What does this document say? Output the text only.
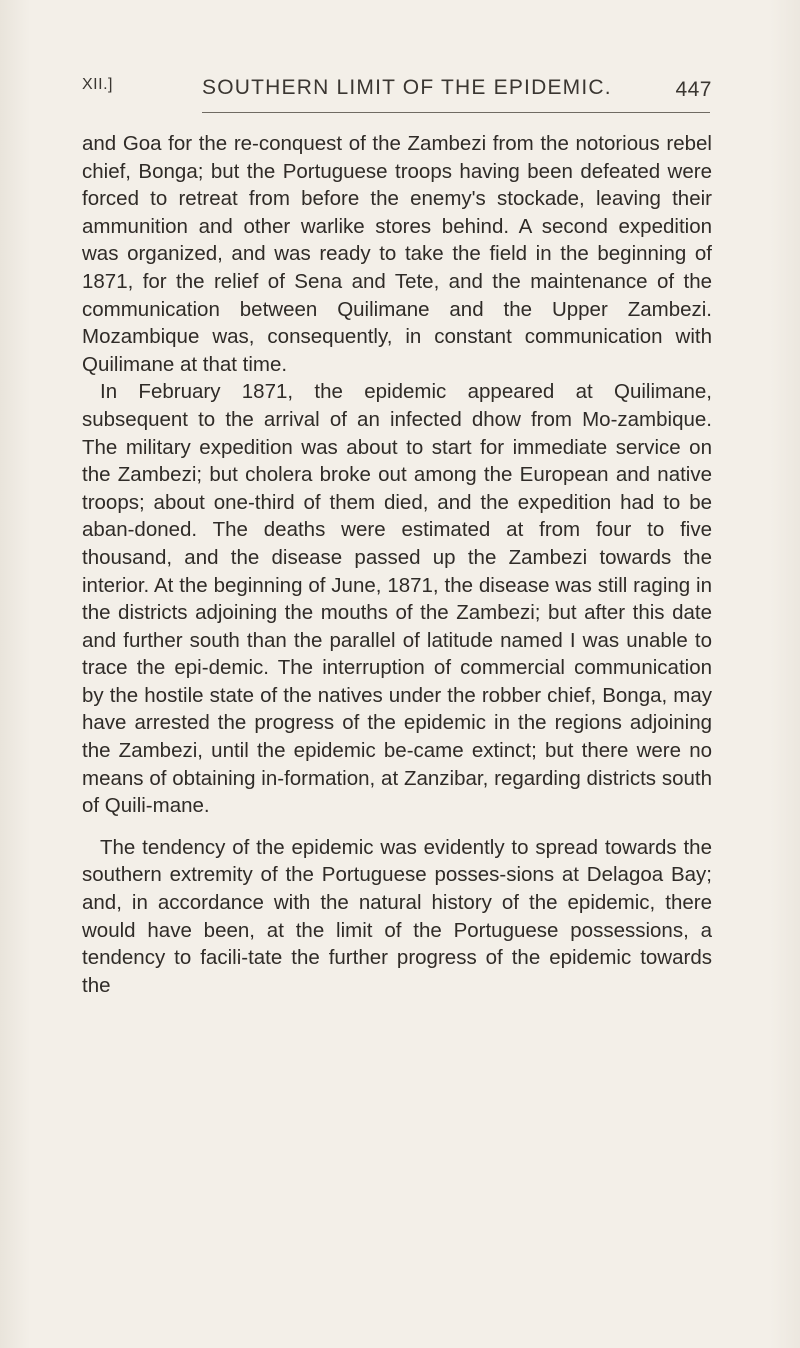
XII.]	SOUTHERN LIMIT OF THE EPIDEMIC.	447

and Goa for the re-conquest of the Zambezi from the notorious rebel chief, Bonga; but the Portuguese troops having been defeated were forced to retreat from before the enemy's stockade, leaving their ammunition and other warlike stores behind. A second expedition was organized, and was ready to take the field in the beginning of 1871, for the relief of Sena and Tete, and the maintenance of the communication between Quilimane and the Upper Zambezi. Mozambique was, consequently, in constant communication with Quilimane at that time.

In February 1871, the epidemic appeared at Quilimane, subsequent to the arrival of an infected dhow from Mo-zambique. The military expedition was about to start for immediate service on the Zambezi; but cholera broke out among the European and native troops; about one-third of them died, and the expedition had to be aban-doned. The deaths were estimated at from four to five thousand, and the disease passed up the Zambezi towards the interior. At the beginning of June, 1871, the disease was still raging in the districts adjoining the mouths of the Zambezi; but after this date and further south than the parallel of latitude named I was unable to trace the epi-demic. The interruption of commercial communication by the hostile state of the natives under the robber chief, Bonga, may have arrested the progress of the epidemic in the regions adjoining the Zambezi, until the epidemic be-came extinct; but there were no means of obtaining in-formation, at Zanzibar, regarding districts south of Quili-mane.

The tendency of the epidemic was evidently to spread towards the southern extremity of the Portuguese posses-sions at Delagoa Bay; and, in accordance with the natural history of the epidemic, there would have been, at the limit of the Portuguese possessions, a tendency to facili-tate the further progress of the epidemic towards the
